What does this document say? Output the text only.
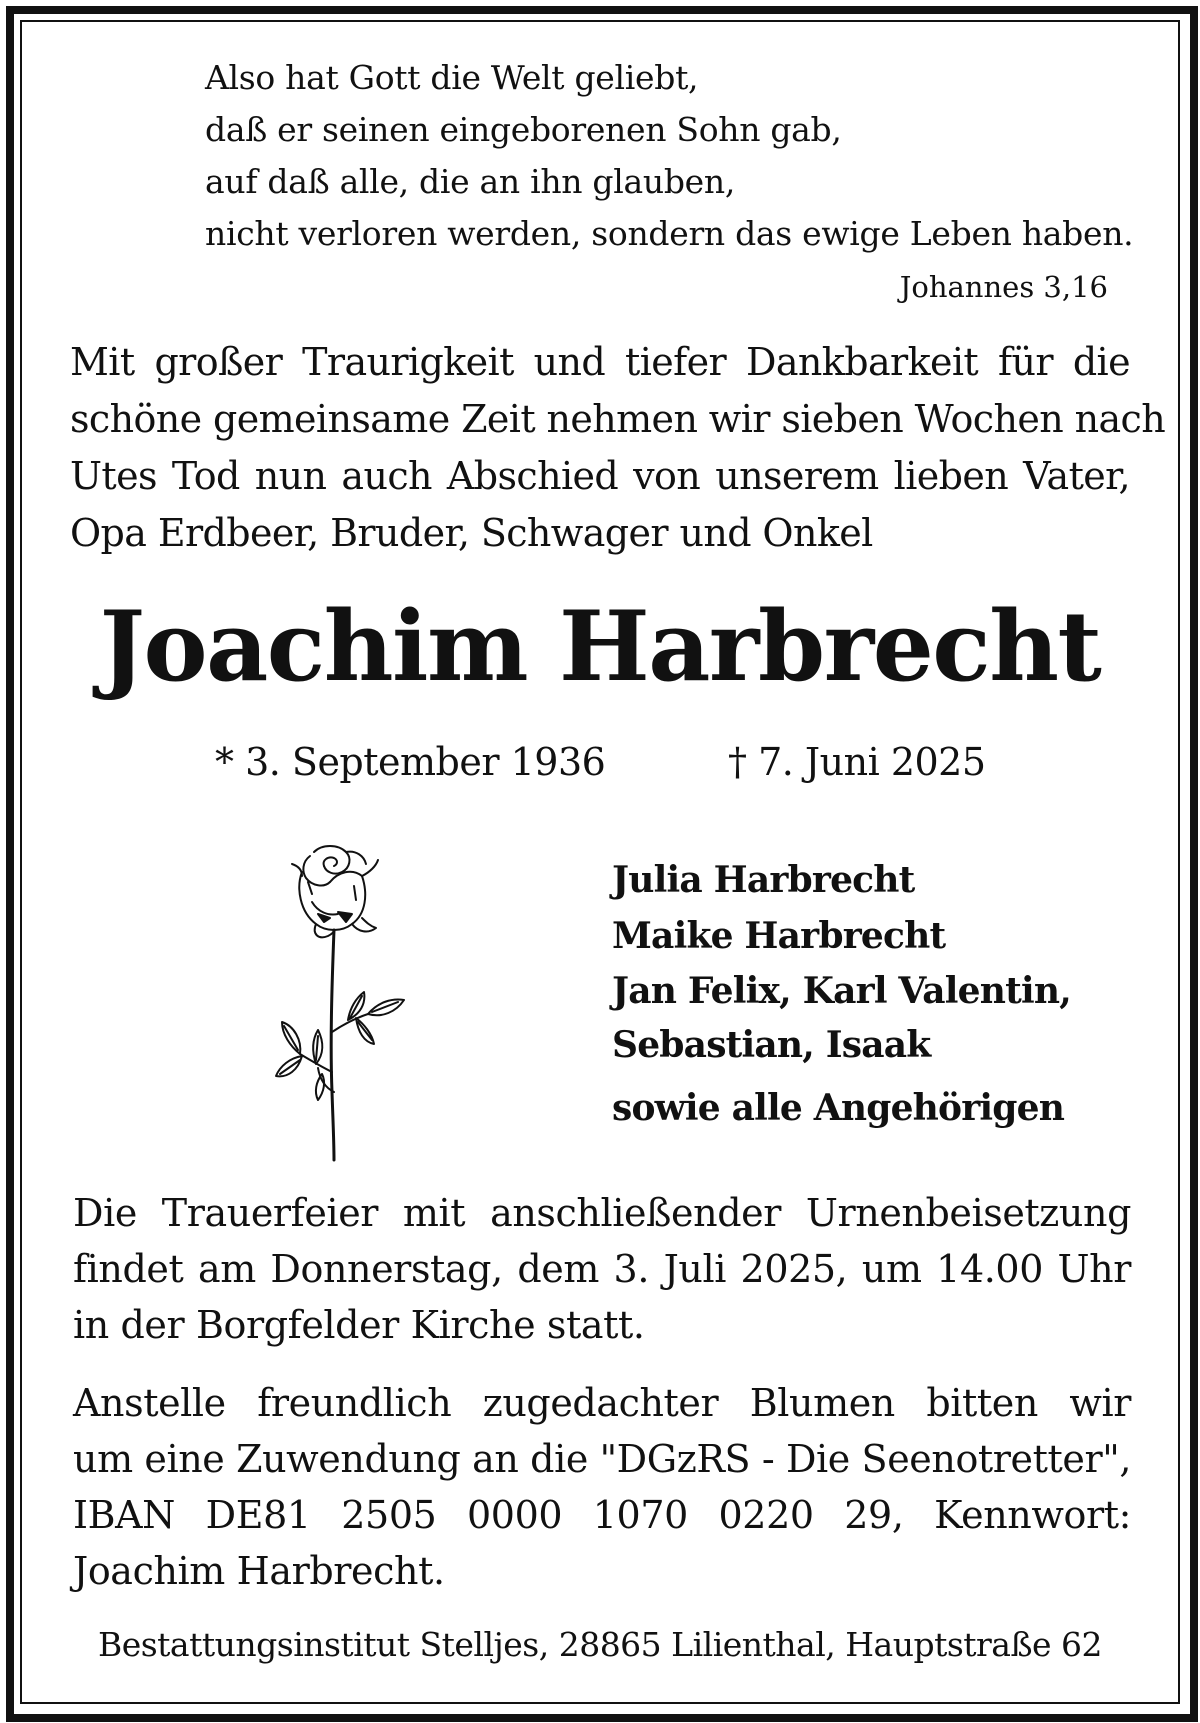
Also hat Gott die Welt geliebt,
daß er seinen eingeborenen Sohn gab,
auf daß alle, die an ihn glauben,
nicht verloren werden, sondern das ewige Leben haben.
Johannes 3,16
Mit großer Traurigkeit und tiefer Dankbarkeit für die
schöne gemeinsame Zeit nehmen wir sieben Wochen nach
Utes Tod nun auch Abschied von unserem lieben Vater,
Opa Erdbeer, Bruder, Schwager und Onkel
Joachim Harbrecht
* 3. September 1936	† 7. Juni 2025
Julia Harbrecht
Maike Harbrecht
Jan Felix, Karl Valentin,
Sebastian, Isaak
sowie alle Angehörigen
Die Trauerfeier mit anschließender Urnenbeisetzung
findet am Donnerstag, dem 3. Juli 2025, um 14.00 Uhr
in der Borgfelder Kirche statt.
Anstelle freundlich zugedachter Blumen bitten wir
um eine Zuwendung an die "DGzRS - Die Seenotretter",
IBAN DE81 2505 0000 1070 0220 29, Kennwort:
Joachim Harbrecht.
Bestattungsinstitut Stelljes, 28865 Lilienthal, Hauptstraße 62
